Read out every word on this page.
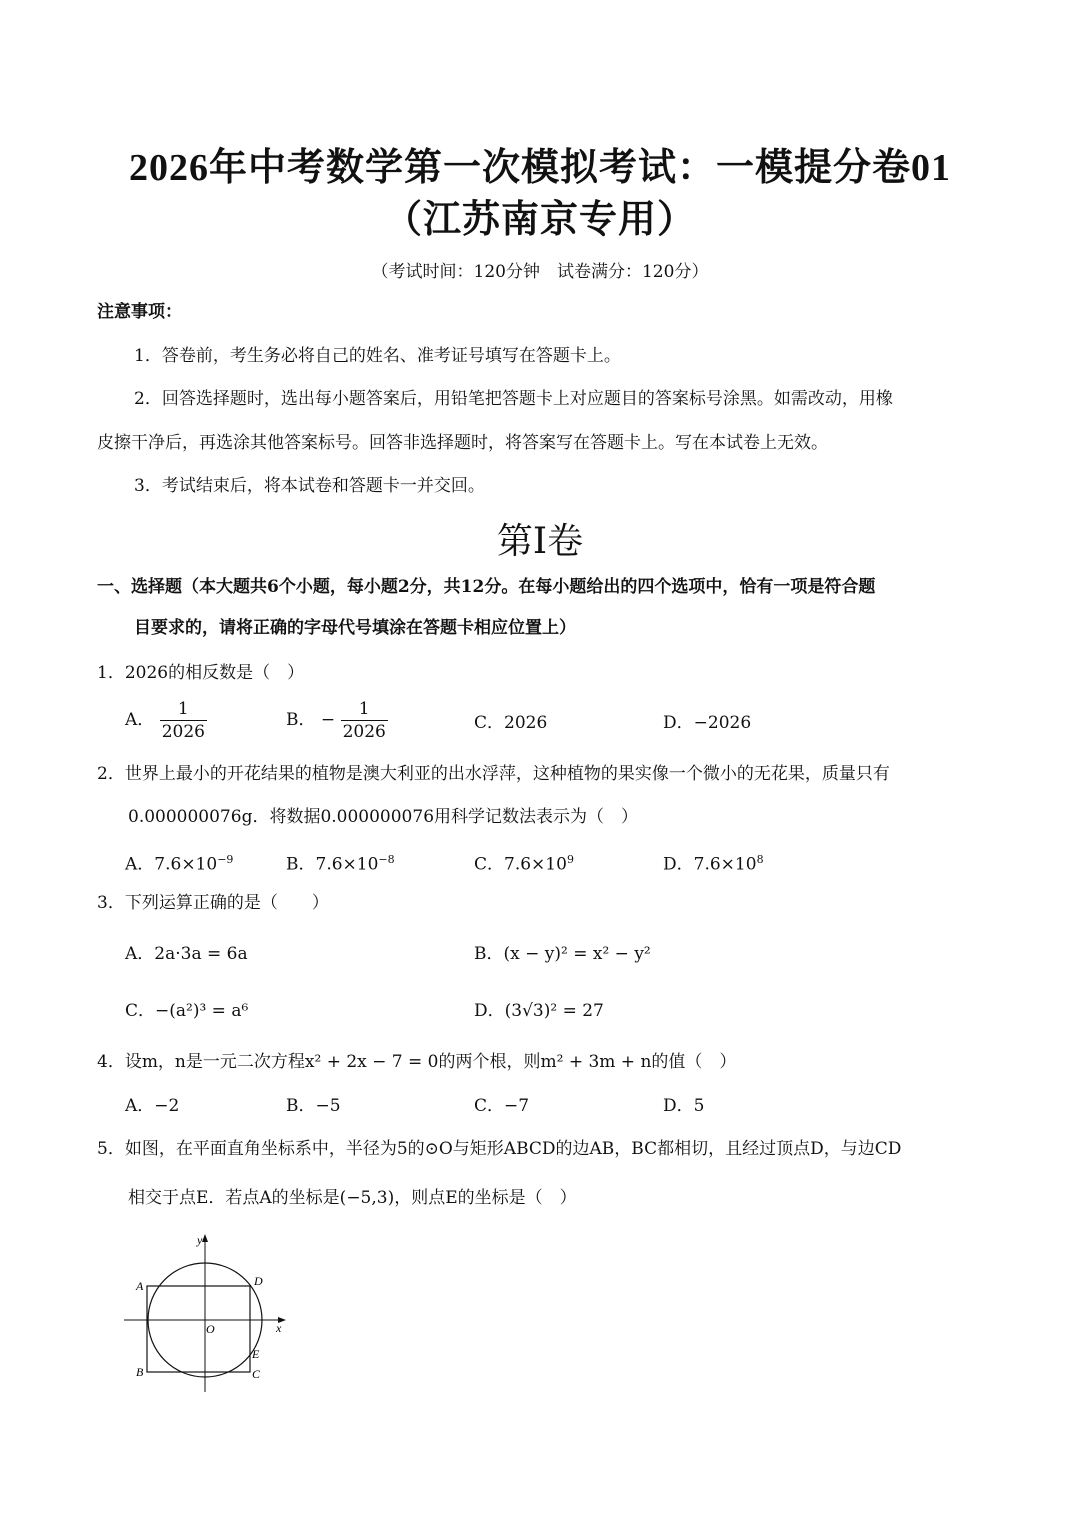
2026年中考数学第一次模拟考试：一模提分卷01
（江苏南京专用）
（考试时间：120分钟　试卷满分：120分）
注意事项：
1．答卷前，考生务必将自己的姓名、准考证号填写在答题卡上。
2．回答选择题时，选出每小题答案后，用铅笔把答题卡上对应题目的答案标号涂黑。如需改动，用橡
皮擦干净后，再选涂其他答案标号。回答非选择题时，将答案写在答题卡上。写在本试卷上无效。
3．考试结束后，将本试卷和答题卡一并交回。
第I卷
一、选择题（本大题共6个小题，每小题2分，共12分。在每小题给出的四个选项中，恰有一项是符合题
目要求的，请将正确的字母代号填涂在答题卡相应位置上）
1．2026的相反数是（　）
A． $\frac{1}{2026}$	B． − $\frac{1}{2026}$	C．2026	D．−2026
2．世界上最小的开花结果的植物是澳大利亚的出水浮萍，这种植物的果实像一个微小的无花果，质量只有
0.000000076g．将数据0.000000076用科学记数法表示为（　）
A．$7.6\times 10^{-9}$	B．$7.6\times 10^{-8}$	C．$7.6\times 10^9$	D．$7.6\times 10^8$
3．下列运算正确的是（　　）
A．2a·3a = 6a	B．(x − y)² = x² − y²
C．−(a²)³ = a⁶	D．(3√3)² = 27
4．设m，n是一元二次方程x² + 2x − 7 = 0的两个根，则m² + 3m + n的值（　）
A．−2	B．−5	C．−7	D．5
5．如图，在平面直角坐标系中，半径为5的⊙O与矩形ABCD的边AB，BC都相切，且经过顶点D，与边CD
相交于点E．若点A的坐标是(−5,3)，则点E的坐标是（　）
y
x
A
B	C
D
E
O
